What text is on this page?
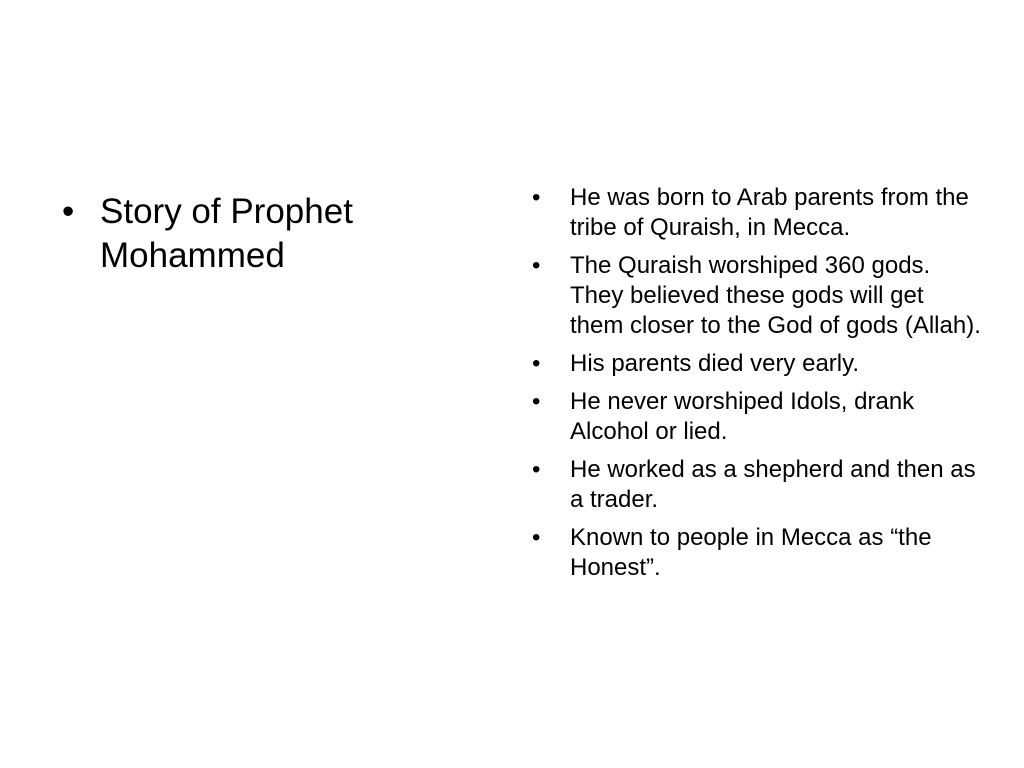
• Story of Prophet Mohammed
• He was born to Arab parents from the tribe of Quraish, in Mecca.
• The Quraish worshiped 360 gods. They believed these gods will get them closer to the God of gods (Allah).
• His parents died very early.
• He never worshiped Idols, drank Alcohol or lied.
• He worked as a shepherd and then as a trader.
• Known to people in Mecca as “the Honest”.
